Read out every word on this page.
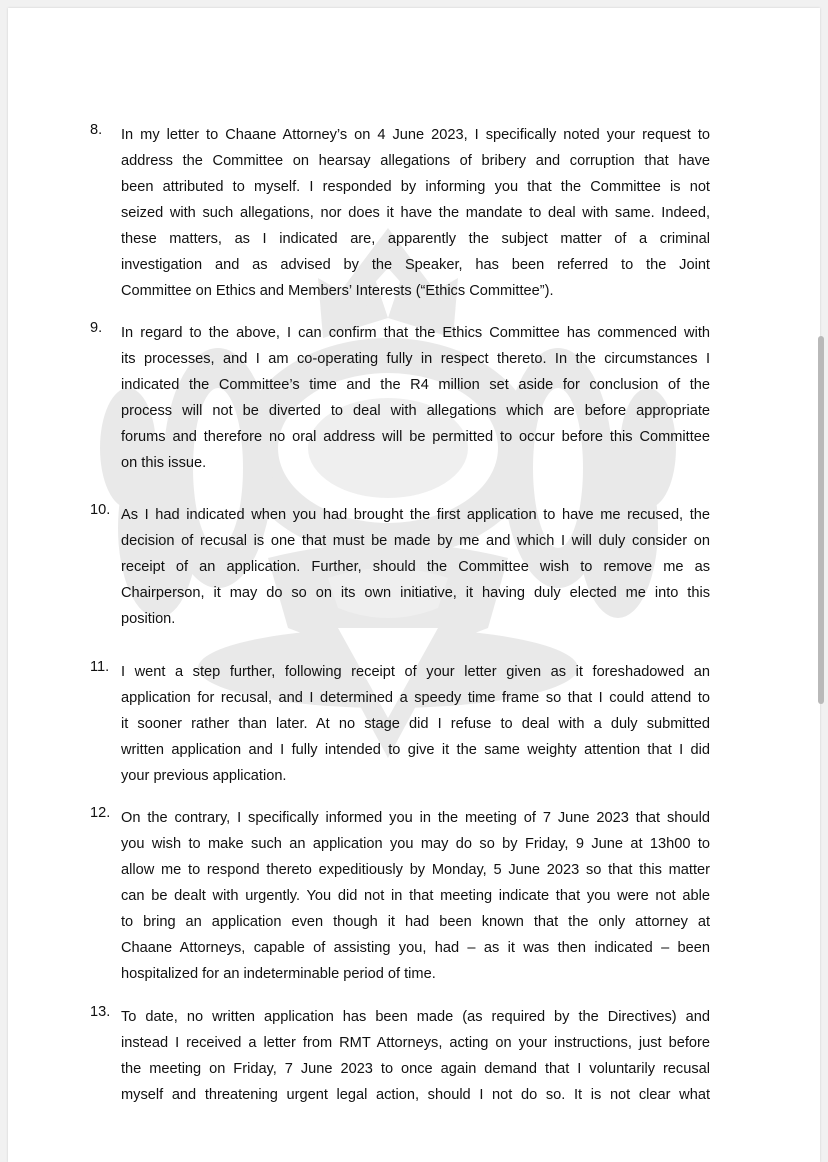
8.	In my letter to Chaane Attorney’s on 4 June 2023, I specifically noted your request to
address the Committee on hearsay allegations of bribery and corruption that have
been attributed to myself. I responded by informing you that the Committee is not
seized with such allegations, nor does it have the mandate to deal with same. Indeed,
these matters, as I indicated are, apparently the subject matter of a criminal
investigation and as advised by the Speaker, has been referred to the Joint
Committee on Ethics and Members’ Interests (“Ethics Committee”).
9.	In regard to the above, I can confirm that the Ethics Committee has commenced with
its processes, and I am co-operating fully in respect thereto. In the circumstances I
indicated the Committee’s time and the R4 million set aside for conclusion of the
process will not be diverted to deal with allegations which are before appropriate
forums and therefore no oral address will be permitted to occur before this Committee
on this issue.
10. As I had indicated when you had brought the first application to have me recused, the
decision of recusal is one that must be made by me and which I will duly consider on
receipt of an application. Further, should the Committee wish to remove me as
Chairperson, it may do so on its own initiative, it having duly elected me into this
position.
11. I went a step further, following receipt of your letter given as it foreshadowed an
application for recusal, and I determined a speedy time frame so that I could attend to
it sooner rather than later. At no stage did I refuse to deal with a duly submitted
written application and I fully intended to give it the same weighty attention that I did
your previous application.
12. On the contrary, I specifically informed you in the meeting of 7 June 2023 that should
you wish to make such an application you may do so by Friday, 9 June at 13h00 to
allow me to respond thereto expeditiously by Monday, 5 June 2023 so that this matter
can be dealt with urgently. You did not in that meeting indicate that you were not able
to bring an application even though it had been known that the only attorney at
Chaane Attorneys, capable of assisting you, had – as it was then indicated – been
hospitalized for an indeterminable period of time.
13. To date, no written application has been made (as required by the Directives) and
instead I received a letter from RMT Attorneys, acting on your instructions, just before
the meeting on Friday, 7 June 2023 to once again demand that I voluntarily recusal
myself and threatening urgent legal action, should I not do so. It is not clear what
